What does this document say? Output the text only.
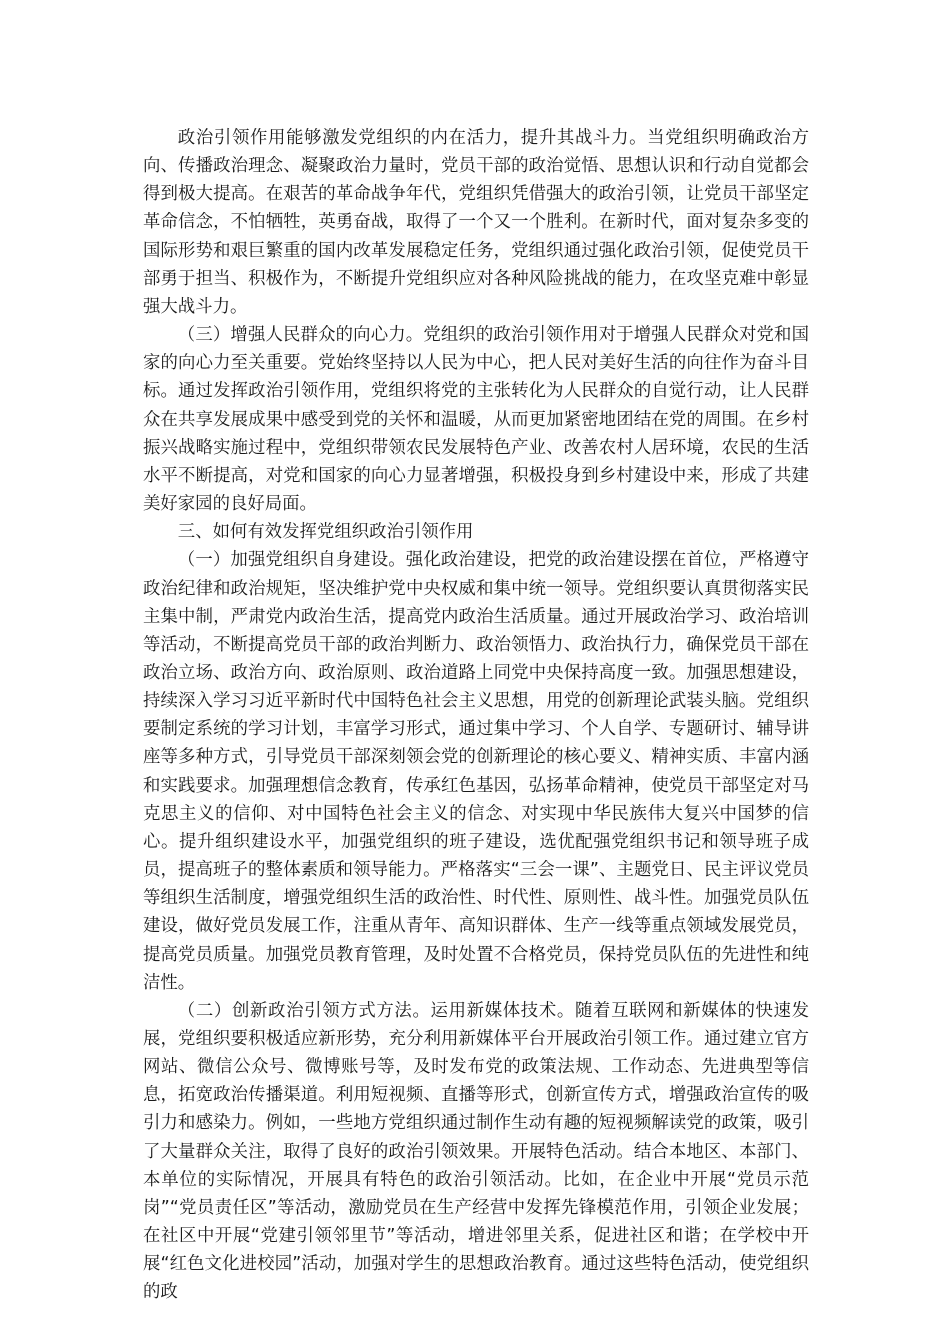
政治引领作用能够激发党组织的内在活力，提升其战斗力。当党组织明确政治方向、传播政治理念、凝聚政治力量时，党员干部的政治觉悟、思想认识和行动自觉都会得到极大提高。在艰苦的革命战争年代，党组织凭借强大的政治引领，让党员干部坚定革命信念，不怕牺牲，英勇奋战，取得了一个又一个胜利。在新时代，面对复杂多变的国际形势和艰巨繁重的国内改革发展稳定任务，党组织通过强化政治引领，促使党员干部勇于担当、积极作为，不断提升党组织应对各种风险挑战的能力，在攻坚克难中彰显强大战斗力。

（三）增强人民群众的向心力。党组织的政治引领作用对于增强人民群众对党和国家的向心力至关重要。党始终坚持以人民为中心，把人民对美好生活的向往作为奋斗目标。通过发挥政治引领作用，党组织将党的主张转化为人民群众的自觉行动，让人民群众在共享发展成果中感受到党的关怀和温暖，从而更加紧密地团结在党的周围。在乡村振兴战略实施过程中，党组织带领农民发展特色产业、改善农村人居环境，农民的生活水平不断提高，对党和国家的向心力显著增强，积极投身到乡村建设中来，形成了共建美好家园的良好局面。

三、如何有效发挥党组织政治引领作用

（一）加强党组织自身建设。强化政治建设，把党的政治建设摆在首位，严格遵守政治纪律和政治规矩，坚决维护党中央权威和集中统一领导。党组织要认真贯彻落实民主集中制，严肃党内政治生活，提高党内政治生活质量。通过开展政治学习、政治培训等活动，不断提高党员干部的政治判断力、政治领悟力、政治执行力，确保党员干部在政治立场、政治方向、政治原则、政治道路上同党中央保持高度一致。加强思想建设，持续深入学习习近平新时代中国特色社会主义思想，用党的创新理论武装头脑。党组织要制定系统的学习计划，丰富学习形式，通过集中学习、个人自学、专题研讨、辅导讲座等多种方式，引导党员干部深刻领会党的创新理论的核心要义、精神实质、丰富内涵和实践要求。加强理想信念教育，传承红色基因，弘扬革命精神，使党员干部坚定对马克思主义的信仰、对中国特色社会主义的信念、对实现中华民族伟大复兴中国梦的信心。提升组织建设水平，加强党组织的班子建设，选优配强党组织书记和领导班子成员，提高班子的整体素质和领导能力。严格落实“三会一课”、主题党日、民主评议党员等组织生活制度，增强党组织生活的政治性、时代性、原则性、战斗性。加强党员队伍建设，做好党员发展工作，注重从青年、高知识群体、生产一线等重点领域发展党员，提高党员质量。加强党员教育管理，及时处置不合格党员，保持党员队伍的先进性和纯洁性。

（二）创新政治引领方式方法。运用新媒体技术。随着互联网和新媒体的快速发展，党组织要积极适应新形势，充分利用新媒体平台开展政治引领工作。通过建立官方网站、微信公众号、微博账号等，及时发布党的政策法规、工作动态、先进典型等信息，拓宽政治传播渠道。利用短视频、直播等形式，创新宣传方式，增强政治宣传的吸引力和感染力。例如，一些地方党组织通过制作生动有趣的短视频解读党的政策，吸引了大量群众关注，取得了良好的政治引领效果。开展特色活动。结合本地区、本部门、本单位的实际情况，开展具有特色的政治引领活动。比如，在企业中开展“党员示范岗”“党员责任区”等活动，激励党员在生产经营中发挥先锋模范作用，引领企业发展；在社区中开展“党建引领邻里节”等活动，增进邻里关系，促进社区和谐；在学校中开展“红色文化进校园”活动，加强对学生的思想政治教育。通过这些特色活动，使党组织的政
